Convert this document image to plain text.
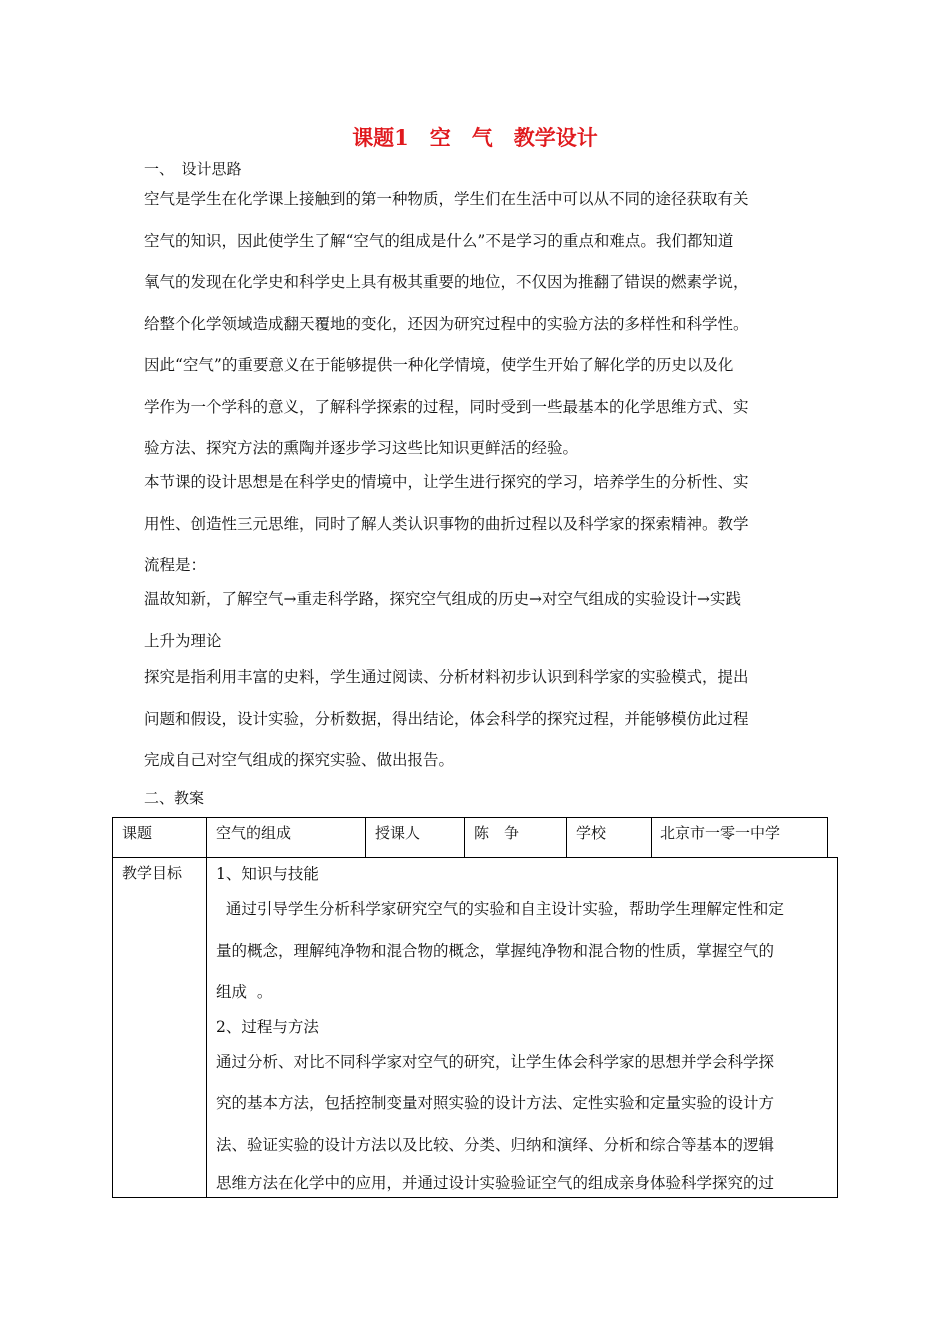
课题1　空　气　教学设计
一、　设计思路
空气是学生在化学课上接触到的第一种物质，学生们在生活中可以从不同的途径获取有关
空气的知识，因此使学生了解“空气的组成是什么”不是学习的重点和难点。我们都知道
氧气的发现在化学史和科学史上具有极其重要的地位，不仅因为推翻了错误的燃素学说，
给整个化学领域造成翻天覆地的变化，还因为研究过程中的实验方法的多样性和科学性。
因此“空气”的重要意义在于能够提供一种化学情境，使学生开始了解化学的历史以及化
学作为一个学科的意义，了解科学探索的过程，同时受到一些最基本的化学思维方式、实
验方法、探究方法的熏陶并逐步学习这些比知识更鲜活的经验。
本节课的设计思想是在科学史的情境中，让学生进行探究的学习，培养学生的分析性、实
用性、创造性三元思维，同时了解人类认识事物的曲折过程以及科学家的探索精神。教学
流程是：
温故知新，了解空气→重走科学路，探究空气组成的历史→对空气组成的实验设计→实践
上升为理论
探究是指利用丰富的史料，学生通过阅读、分析材料初步认识到科学家的实验模式，提出
问题和假设，设计实验，分析数据，得出结论，体会科学的探究过程，并能够模仿此过程
完成自己对空气组成的探究实验、做出报告。
二、教案
课题	空气的组成	授课人	陈　争	学校	北京市一零一中学
教学目标 1、知识与技能
通过引导学生分析科学家研究空气的实验和自主设计实验，帮助学生理解定性和定
量的概念，理解纯净物和混合物的概念，掌握纯净物和混合物的性质，掌握空气的
组成  。
2、过程与方法
通过分析、对比不同科学家对空气的研究，让学生体会科学家的思想并学会科学探
究的基本方法，包括控制变量对照实验的设计方法、定性实验和定量实验的设计方
法、验证实验的设计方法以及比较、分类、归纳和演绎、分析和综合等基本的逻辑
思维方法在化学中的应用，并通过设计实验验证空气的组成亲身体验科学探究的过
